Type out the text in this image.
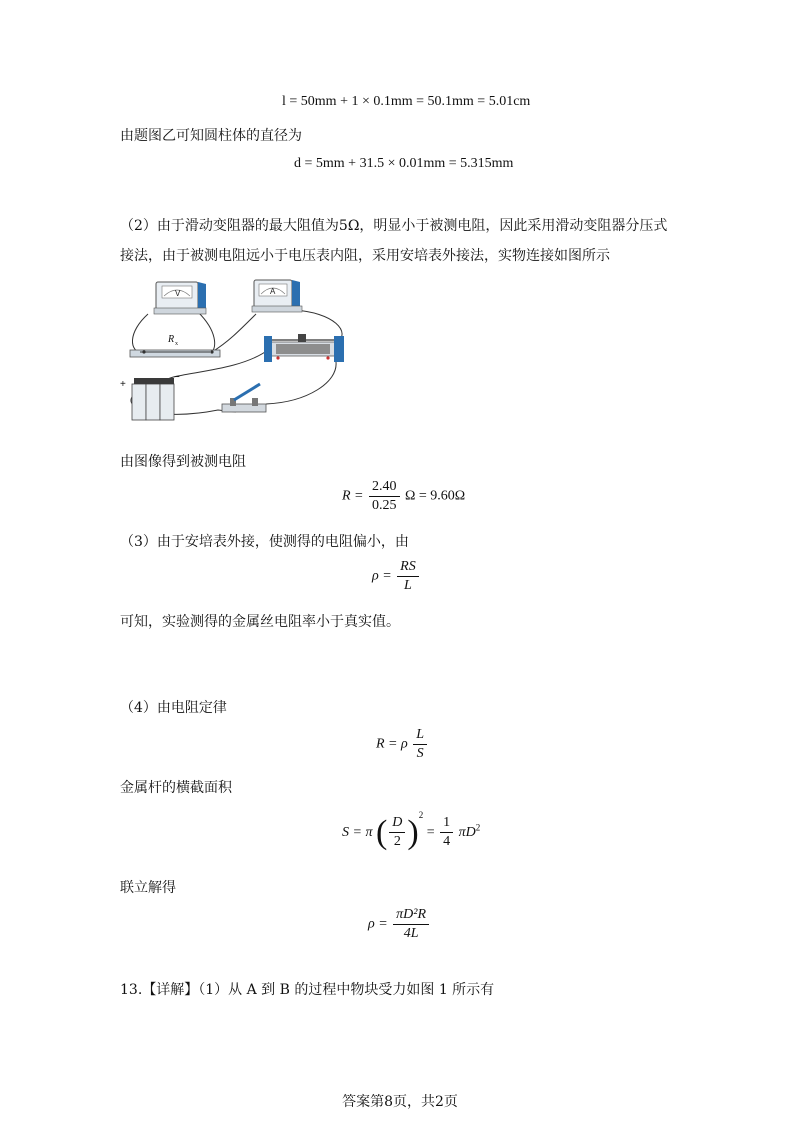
l = 50mm + 1 × 0.1mm = 50.1mm = 5.01cm
由题图乙可知圆柱体的直径为
d = 5mm + 31.5 × 0.01mm = 5.315mm
（2）由于滑动变阻器的最大阻值为5Ω，明显小于被测电阻，因此采用滑动变阻器分压式
接法，由于被测电阻远小于电压表内阻，采用安培表外接法，实物连接如图所示
V	A
R x
+
−
由图像得到被测电阻
$R = \frac{2.40}{0.25}$ Ω = 9.60Ω
（3）由于安培表外接，使测得的电阻偏小，由
$\rho = \frac{RS}{L}$
可知，实验测得的金属丝电阻率小于真实值。
（4）由电阻定律
R = ρ $\frac{L}{S}$
金属杆的横截面积
S = π ( $\frac{D}{2} )^2 = \frac{1}{4} \pi D^2$
联立解得
$\rho = \frac{\text{πD²R}}{4L}$
13.【详解】（1）从 A 到 B 的过程中物块受力如图 1 所示有
答案第8页，共2页
